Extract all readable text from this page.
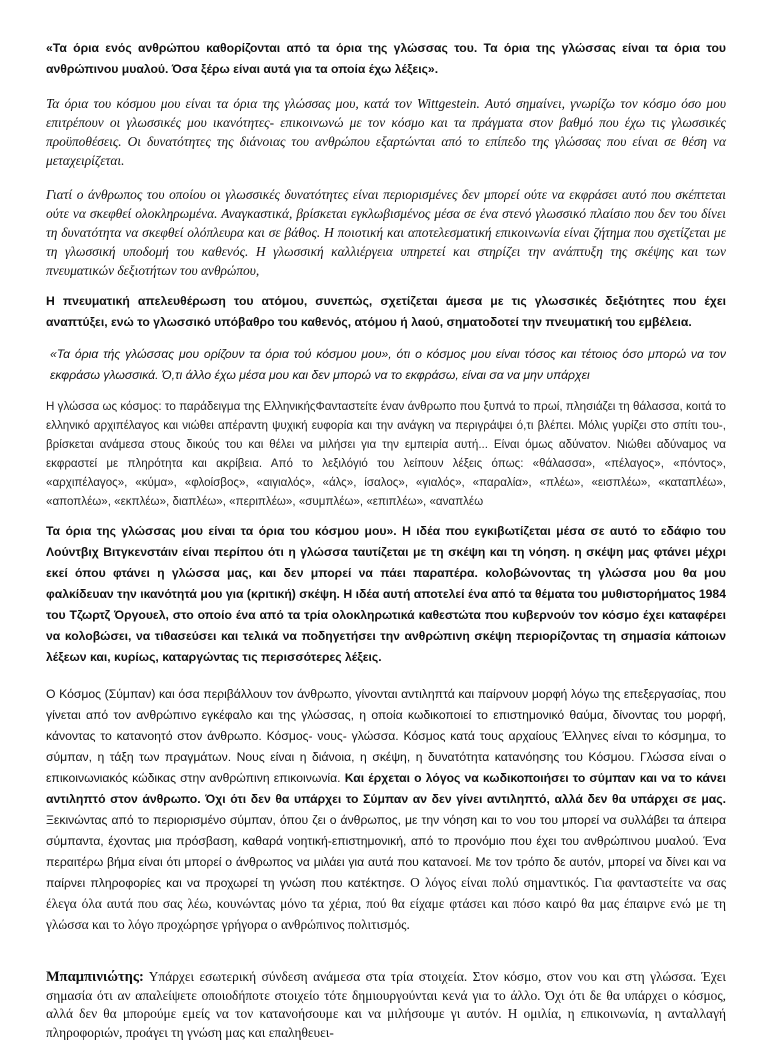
«Τα όρια ενός ανθρώπου καθορίζονται από τα όρια της γλώσσας του. Τα όρια της γλώσσας είναι τα όρια του ανθρώπινου μυαλού. Όσα ξέρω είναι αυτά για τα οποία έχω λέξεις».

Τα όρια του κόσμου μου είναι τα όρια της γλώσσας μου, κατά τον Wittgestein. Αυτό σημαίνει, γνωρίζω τον κόσμο όσο μου επιτρέπουν οι γλωσσικές μου ικανότητες- επικοινωνώ με τον κόσμο και τα πράγματα στον βαθμό που έχω τις γλωσσικές προϋποθέσεις. Οι δυνατότητες της διάνοιας του ανθρώπου εξαρτώνται από το επίπεδο της γλώσσας που είναι σε θέση να μεταχειρίζεται.

Γιατί ο άνθρωπος του οποίου οι γλωσσικές δυνατότητες είναι περιορισμένες δεν μπορεί ούτε να εκφράσει αυτό που σκέπτεται ούτε να σκεφθεί ολοκληρωμένα. Αναγκαστικά, βρίσκεται εγκλωβισμένος μέσα σε ένα στενό γλωσσικό πλαίσιο που δεν του δίνει τη δυνατότητα να σκεφθεί ολόπλευρα και σε βάθος. Η ποιοτική και αποτελεσματική επικοινωνία είναι ζήτημα που σχετίζεται με τη γλωσσική υποδομή του καθενός. Η γλωσσική καλλιέργεια υπηρετεί και στηρίζει την ανάπτυξη της σκέψης και των πνευματικών δεξιοτήτων του ανθρώπου,

Η πνευματική απελευθέρωση του ατόμου, συνεπώς, σχετίζεται άμεσα με τις γλωσσικές δεξιότητες που έχει αναπτύξει, ενώ το γλωσσικό υπόβαθρο του καθενός, ατόμου ή λαού, σηματοδοτεί την πνευματική του εμβέλεια.

«Τα όρια τής γλώσσας μου ορίζουν τα όρια τού κόσμου μου», ότι ο κόσμος μου είναι τόσος και τέτοιος όσο μπορώ να τον εκφράσω γλωσσικά. Ό,τι άλλο έχω μέσα μου και δεν μπορώ να το εκφράσω, είναι σα να μην υπάρχει

Η γλώσσα ως κόσμος: το παράδειγμα της ΕλληνικήςΦανταστείτε έναν άνθρωπο που ξυπνά το πρωί, πλησιάζει τη θάλασσα, κοιτά το ελληνικό αρχιπέλαγος και νιώθει απέραντη ψυχική ευφορία και την ανάγκη να περιγράψει ό,τι βλέπει. Μόλις γυρίζει στο σπίτι του-, βρίσκεται ανάμεσα στους δικούς του και θέλει να μιλήσει για την εμπειρία αυτή... Είναι όμως αδύνατον. Νιώθει αδύναμος να εκφραστεί με πληρότητα και ακρίβεια. Από το λεξιλόγιό του λείπουν λέξεις όπως: «θάλασσα», «πέλαγος», «πόντος», «αρχιπέλαγος», «κύμα», «φλοίσβος», «αιγιαλός», «άλς», ίσαλος», «γιαλός», «παραλία», «πλέω», «εισπλέω», «καταπλέω», «αποπλέω», «εκπλέω», διαπλέω», «περιπλέω», «συμπλέω», «επιπλέω», «αναπλέω

Τα όρια της γλώσσας μου είναι τα όρια του κόσμου μου». Η ιδέα που εγκιβωτίζεται μέσα σε αυτό το εδάφιο του Λούντβιχ Βιτγκενστάιν είναι περίπου ότι η γλώσσα ταυτίζεται με τη σκέψη και τη νόηση. η σκέψη μας φτάνει μέχρι εκεί όπου φτάνει η γλώσσα μας, και δεν μπορεί να πάει παραπέρα. κολοβώνοντας τη γλώσσα μου θα μου φαλκίδευαν την ικανότητά μου για (κριτική) σκέψη. Η ιδέα αυτή αποτελεί ένα από τα θέματα του μυθιστορήματος 1984 του Τζωρτζ Όργουελ, στο οποίο ένα από τα τρία ολοκληρωτικά καθεστώτα που κυβερνούν τον κόσμο έχει καταφέρει να κολοβώσει, να τιθασεύσει και τελικά να ποδηγετήσει την ανθρώπινη σκέψη περιορίζοντας τη σημασία κάποιων λέξεων και, κυρίως, καταργώντας τις περισσότερες λέξεις.

Ο Κόσμος (Σύμπαν) και όσα περιβάλλουν τον άνθρωπο, γίνονται αντιληπτά και παίρνουν μορφή λόγω της επεξεργασίας, που γίνεται από τον ανθρώπινο εγκέφαλο και της γλώσσας, η οποία κωδικοποιεί το επιστημονικό θαύμα, δίνοντας του μορφή, κάνοντας το κατανοητό στον άνθρωπο. Κόσμος- νους- γλώσσα. Κόσμος κατά τους αρχαίους Έλληνες είναι το κόσμημα, το σύμπαν, η τάξη των πραγμάτων. Νους είναι η διάνοια, η σκέψη, η δυνατότητα κατανόησης του Κόσμου. Γλώσσα είναι ο επικοινωνιακός κώδικας στην ανθρώπινη επικοινωνία. Και έρχεται ο λόγος να κωδικοποιήσει το σύμπαν και να το κάνει αντιληπτό στον άνθρωπο. Όχι ότι δεν θα υπάρχει το Σύμπαν αν δεν γίνει αντιληπτό, αλλά δεν θα υπάρχει σε μας. Ξεκινώντας από το περιορισμένο σύμπαν, όπου ζει ο άνθρωπος, με την νόηση και το νου του μπορεί να συλλάβει τα άπειρα σύμπαντα, έχοντας μια πρόσβαση, καθαρά νοητική-επιστημονική, από το προνόμιο που έχει του ανθρώπινου μυαλού. Ένα περαιτέρω βήμα είναι ότι μπορεί ο άνθρωπος να μιλάει για αυτά που κατανοεί. Με τον τρόπο δε αυτόν, μπορεί να δίνει και να παίρνει πληροφορίες και να προχωρεί τη γνώση που κατέκτησε. Ο λόγος είναι πολύ σημαντικός. Για φανταστείτε να σας έλεγα όλα αυτά που σας λέω, κουνώντας μόνο τα χέρια, πού θα είχαμε φτάσει και πόσο καιρό θα μας έπαιρνε ενώ με τη γλώσσα και το λόγο προχώρησε γρήγορα ο ανθρώπινος πολιτισμός.

Μπαμπινιώτης: Υπάρχει εσωτερική σύνδεση ανάμεσα στα τρία στοιχεία. Στον κόσμο, στον νου και στη γλώσσα. Έχει σημασία ότι αν απαλείψετε οποιοδήποτε στοιχείο τότε δημιουργούνται κενά για το άλλο. Όχι ότι δε θα υπάρχει ο κόσμος, αλλά δεν θα μπορούμε εμείς να τον κατανοήσουμε και να μιλήσουμε γι αυτόν. Η ομιλία, η επικοινωνία, η ανταλλαγή πληροφοριών, προάγει τη γνώση μας και επαληθευει-
